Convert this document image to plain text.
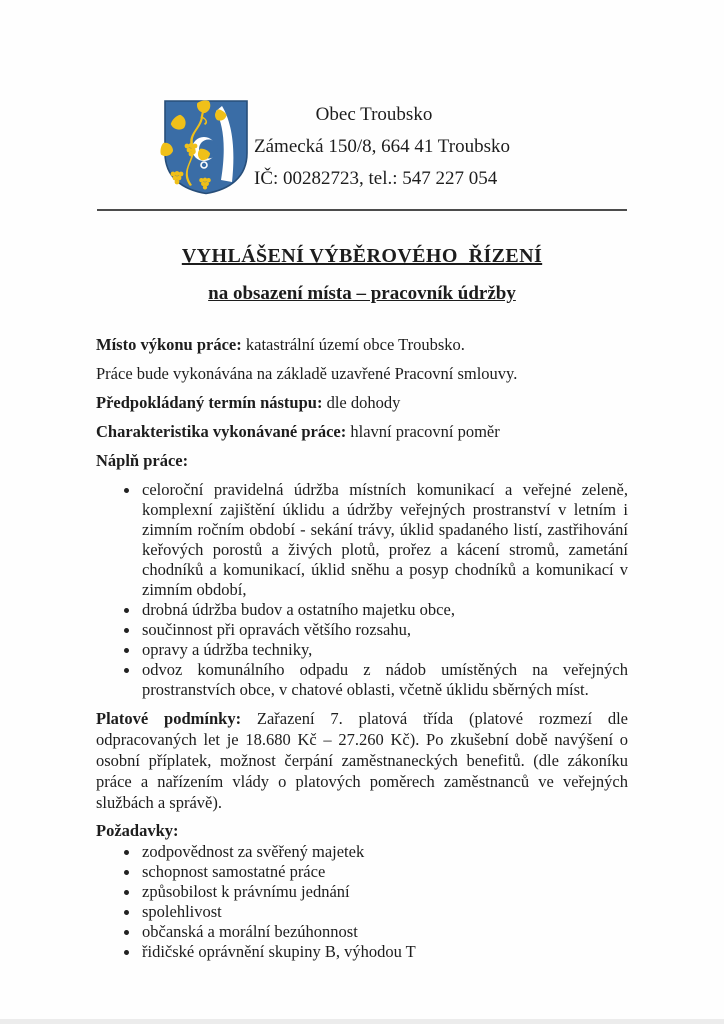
Obec Troubsko
Zámecká 150/8, 664 41 Troubsko
IČ: 00282723, tel.: 547 227 054
VYHLÁŠENÍ VÝBĚROVÉHO  ŘÍZENÍ
na obsazení místa – pracovník údržby

Místo výkonu práce: katastrální území obce Troubsko.

Práce bude vykonávána na základě uzavřené Pracovní smlouvy.

Předpokládaný termín nástupu: dle dohody

Charakteristika vykonávané práce: hlavní pracovní poměr

Náplň práce:

celoroční pravidelná údržba místních komunikací a veřejné zeleně, komplexní zajištění úklidu a údržby veřejných prostranství v letním i zimním ročním období - sekání trávy, úklid spadaného listí, zastřihování keřových porostů a živých plotů, prořez a kácení stromů, zametání chodníků a komunikací, úklid sněhu a posyp chodníků a komunikací v zimním období,
drobná údržba budov a ostatního majetku obce,
součinnost při opravách většího rozsahu,
opravy a údržba techniky,
odvoz komunálního odpadu z nádob umístěných na veřejných prostranstvích obce, v chatové oblasti, včetně úklidu sběrných míst.

Platové podmínky: Zařazení 7. platová třída (platové rozmezí dle odpracovaných let je 18.680 Kč – 27.260 Kč). Po zkušební době navýšení o osobní příplatek, možnost čerpání zaměstnaneckých benefitů. (dle zákoníku práce a nařízením vlády o platových poměrech zaměstnanců ve veřejných službách a správě).

Požadavky:

zodpovědnost za svěřený majetek
schopnost samostatné práce
způsobilost k právnímu jednání
spolehlivost
občanská a morální bezúhonnost
řidičské oprávnění skupiny B, výhodou T
